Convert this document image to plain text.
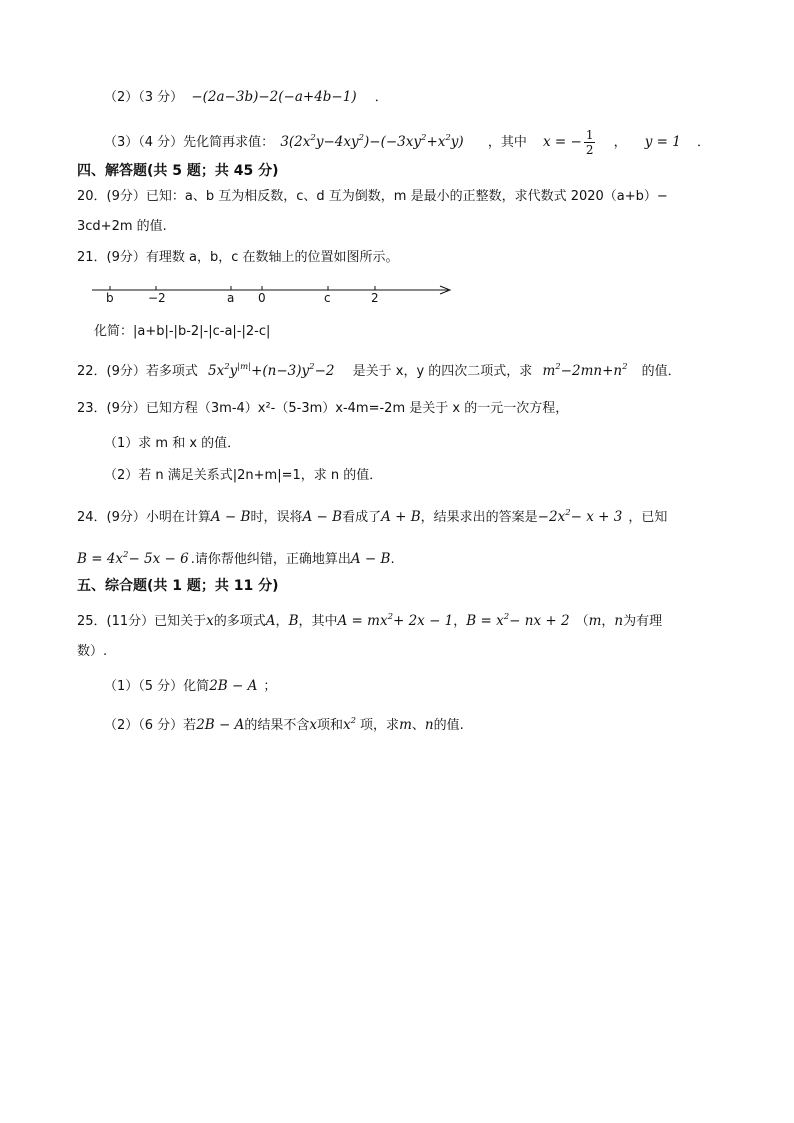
（2）（3 分） −(2a−3b)−2(−a+4b−1) ．
（3）（4 分）先化简再求值： $3(2x^2y-4xy^2)-(-3xy^2+x^2y)$ ，其中 x = − $\frac{1}{2}$ ， y = 1 ．
四、解答题(共 5 题；共 45 分)
20．(9分）已知：a、b 互为相反数，c、d 互为倒数，m 是最小的正整数，求代数式 2020（a+b）−
3cd+2m 的值.
21．(9分）有理数 a，b，c 在数轴上的位置如图所示。
b	−2	a 0	c	2
化简：|a+b|-|b-2|-|c-a|-|2-c|
22．(9分）若多项式 $5x^2y^{|m|}+(n-3)y^2-2$ 是关于 x，y 的四次二项式，求 $m^2-2mn+n^2$ 的值．
23．(9分）已知方程（3m-4）x²-（5-3m）x-4m=-2m 是关于 x 的一元一次方程，
（1）求 m 和 x 的值．
（2）若 n 满足关系式|2n+m|=1，求 n 的值．
24．(9分）小明在计算A − B时，误将A − B看成了A + B，结果求出的答案是$-2x^2- x + 3$ ，已知
$B = 4x^2- 5x - 6$ .请你帮他纠错，正确地算出A − B.
五、综合题(共 1 题；共 11 分)
25．(11分）已知关于x的多项式A，B，其中$A = mx^2+ 2x - 1$，$B = x^2-$ nx + 2 （m，n为有理
数）.
（1）（5 分）化简2B − A ；
（2）（6 分）若2B − A的结果不含x项和$x^2$ 项，求m、n的值.
